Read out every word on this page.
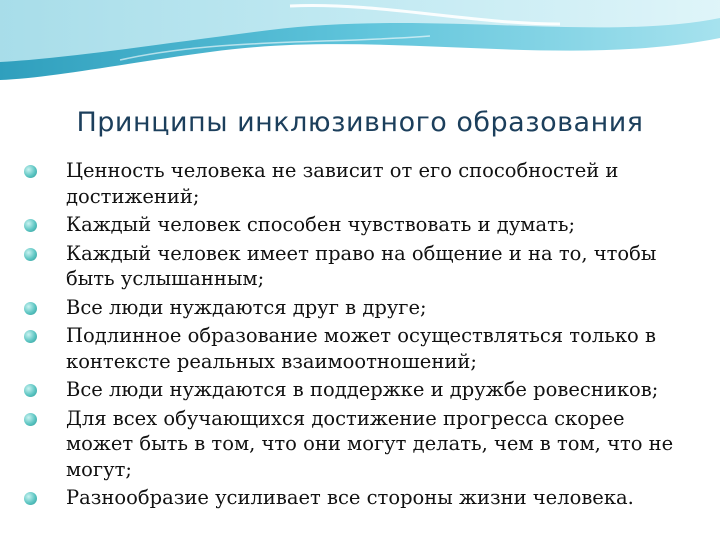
Принципы инклюзивного образования
Ценность человека не зависит от его способностей и достижений;
Каждый человек способен чувствовать и думать;
Каждый человек имеет право на общение и на то, чтобы быть услышанным;
Все люди нуждаются друг в друге;
Подлинное образование может осуществляться только в контексте реальных взаимоотношений;
Все люди нуждаются в поддержке и дружбе ровесников;
Для всех обучающихся достижение прогресса скорее может быть в том, что они могут делать, чем в том, что не могут;
Разнообразие усиливает все стороны жизни человека.
